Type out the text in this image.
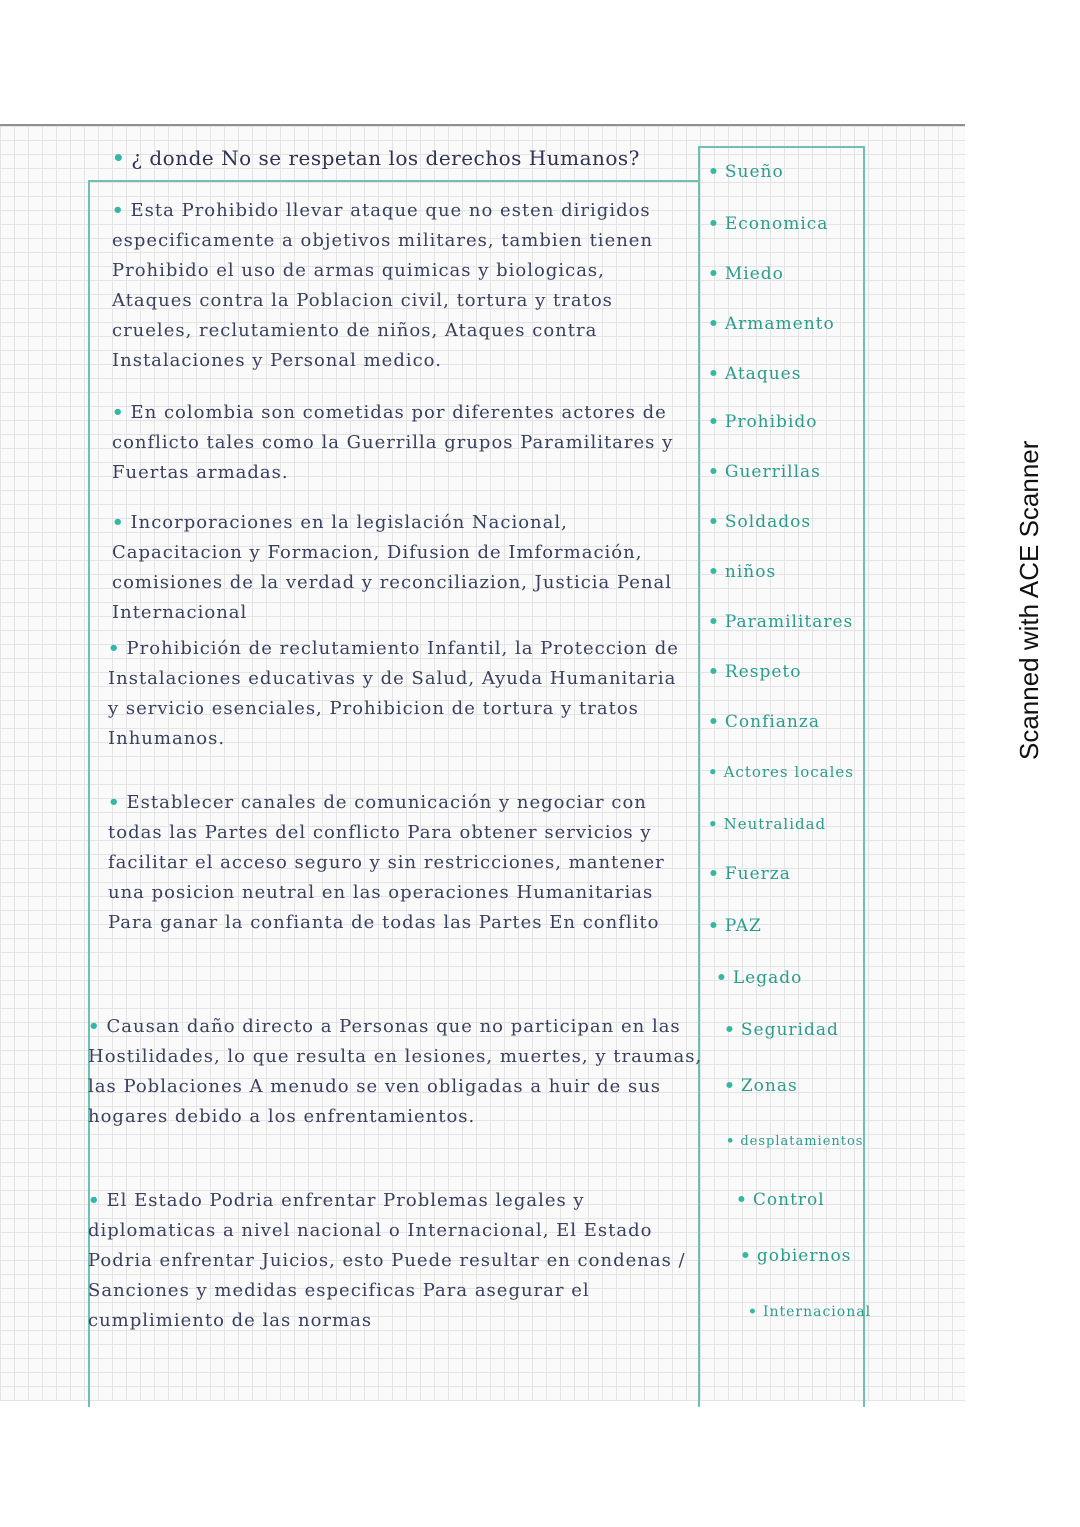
• ¿ donde No se respetan los derechos Humanos?
• Esta Prohibido llevar ataque que no esten dirigidos especificamente a objetivos militares, tambien tienen Prohibido el uso de armas quimicas y biologicas, Ataques contra la Poblacion civil, tortura y tratos crueles, reclutamiento de niños, Ataques contra Instalaciones y Personal medico.
• En colombia son cometidas por diferentes actores de conflicto tales como la Guerrilla grupos Paramilitares y Fuertas armadas.
• Incorporaciones en la legislación Nacional, Capacitacion y Formacion, Difusion de Imformación, comisiones de la verdad y reconciliazion, Justicia Penal Internacional
• Prohibición de reclutamiento Infantil, la Proteccion de Instalaciones educativas y de Salud, Ayuda Humanitaria y servicio esenciales, Prohibicion de tortura y tratos Inhumanos.
• Establecer canales de comunicación y negociar con todas las Partes del conflicto Para obtener servicios y facilitar el acceso seguro y sin restricciones, mantener una posicion neutral en las operaciones Humanitarias Para ganar la confianta de todas las Partes En conflito
• Causan daño directo a Personas que no participan en las Hostilidades, lo que resulta en lesiones, muertes, y traumas, las Poblaciones A menudo se ven obligadas a huir de sus hogares debido a los enfrentamientos.
• El Estado Podria enfrentar Problemas legales y diplomaticas a nivel nacional o Internacional, El Estado Podria enfrentar Juicios, esto Puede resultar en condenas / Sanciones y medidas especificas Para asegurar el cumplimiento de las normas
• Sueño
• Economica
• Miedo
• Armamento
• Ataques
• Prohibido
• Guerrillas
• Soldados
• niños
• Paramilitares
• Respeto
• Confianza
• Actores locales
• Neutralidad
• Fuerza
• PAZ
• Legado
• Seguridad
• Zonas
• desplatamientos
• Control
• gobiernos
• Internacional
Scanned with ACE Scanner
